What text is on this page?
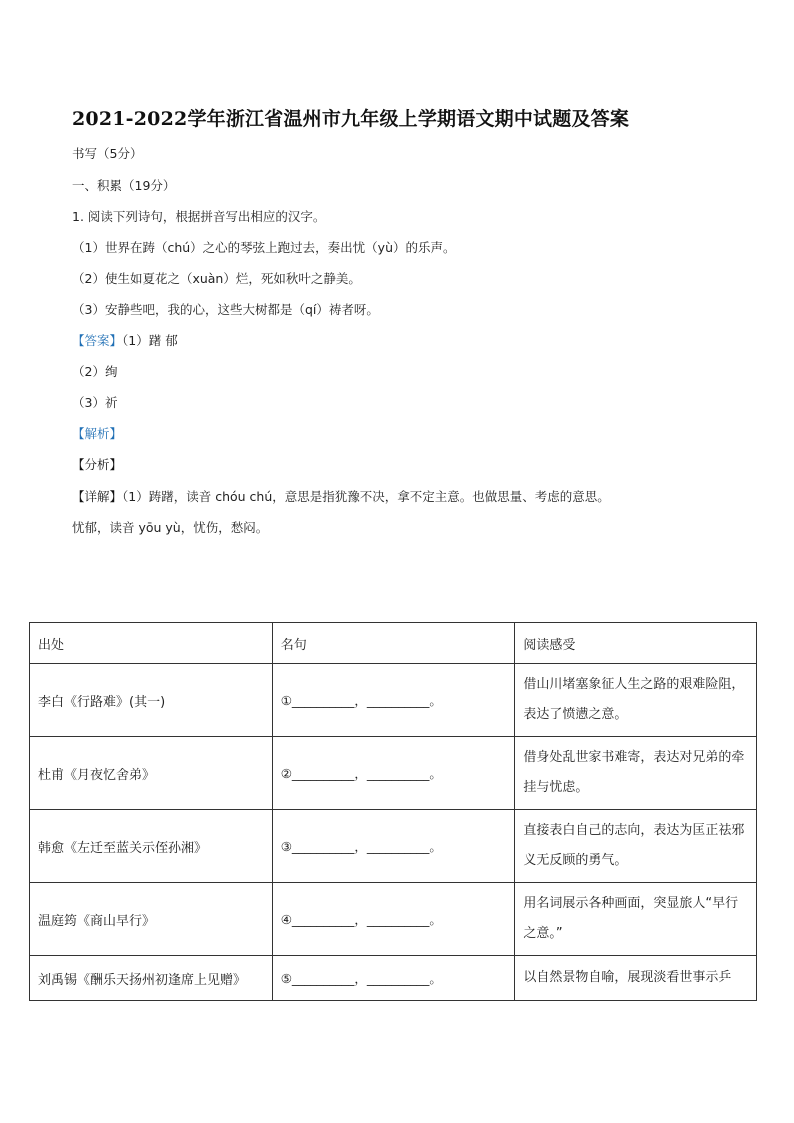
2021-2022学年浙江省温州市九年级上学期语文期中试题及答案
书写（5分）
一、积累（19分）
1. 阅读下列诗句，根据拼音写出相应的汉字。
（1）世界在踌（chú）之心的琴弦上跑过去，奏出忧（yù）的乐声。
（2）使生如夏花之（xuàn）烂，死如秋叶之静美。
（3）安静些吧，我的心，这些大树都是（qí）祷者呀。
【答案】（1）躇 郁
（2）绚
（3）祈
【解析】
【分析】
【详解】（1）踌躇，读音 chóu chú，意思是指犹豫不决，拿不定主意。也做思量、考虑的意思。
忧郁，读音 yōu yù，忧伤，愁闷。
出处	名句	阅读感受
李白《行路难》(其一)	①__________，__________。	借山川堵塞象征人生之路的艰难险阻，表达了愤懑之意。
杜甫《月夜忆舍弟》	②__________，__________。	借身处乱世家书难寄，表达对兄弟的牵挂与忧虑。
韩愈《左迁至蓝关示侄孙湘》	③__________，__________。	直接表白自己的志向，表达为匡正祛邪义无反顾的勇气。
温庭筠《商山早行》	④__________，__________。	用名词展示各种画面，突显旅人“早行之意。”
刘禹锡《酬乐天扬州初逢席上见赠》	⑤__________，__________。	以自然景物自喻，展现淡看世事示乒
